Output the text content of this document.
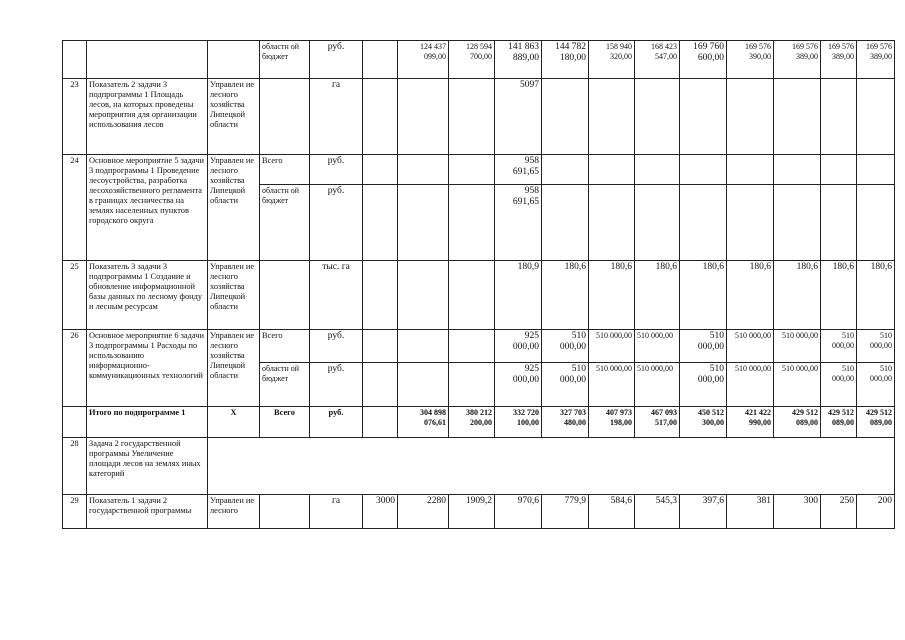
			областн ой бюджет	руб.		124 437 099,00	128 594 700,00	141 863 889,00	144 782 180,00	158 940 320,00	168 423 547,00	169 760 600,00	169 576 390,00	169 576 389,00	169 576 389,00	169 576 389,00
23	Показатель 2 задачи 3 подпрограммы 1 Площадь лесов, на которых проведены мероприятия для организации использования лесов	Управлен ие лесного хозяйства Липецкой области		га				5097								
24	Основное мероприятие 5 задачи 3 подпрограммы 1 Проведение лесоустройства, разработка лесохозяйственного регламента в границах лесничества на землях населенных пунктов городского округа	Управлен ие лесного хозяйства Липецкой области	Всего	руб.				958 691,65								
			областн ой бюджет	руб.				958 691,65								
25	Показатель 3 задачи 3 подпрограммы 1 Создание и обновление информационной базы данных по лесному фонду и лесным ресурсам	Управлен ие лесного хозяйства Липецкой области		тыс. га				180,9	180,6	180,6	180,6	180,6	180,6	180,6	180,6	180,6
26	Основное мероприятие 6 задачи 3 подпрограммы 1 Расходы по использованию информационно-коммуникационных технологий	Управлен ие лесного хозяйства Липецкой области	Всего	руб.				925 000,00	510 000,00	510 000,00	510 000,00	510 000,00	510 000,00	510 000,00	510 000,00	510 000,00
			областн ой бюджет	руб.				925 000,00	510 000,00	510 000,00	510 000,00	510 000,00	510 000,00	510 000,00	510 000,00	510 000,00
	Итого по подпрограмме 1	X	Всего	руб.		304 898 076,61	380 212 200,00	332 720 100,00	327 703 480,00	407 973 198,00	467 093 517,00	450 512 300,00	421 422 990,00	429 512 089,00	429 512 089,00	429 512 089,00
28	Задача 2 государственной программы Увеличение площади лесов на землях иных категорий															
29	Показатель 1 задачи 2 государственной программы	Управлен ие лесного		га	3000	2280	1909,2	970,6	779,9	584,6	545,3	397,6	381	300	250	200
